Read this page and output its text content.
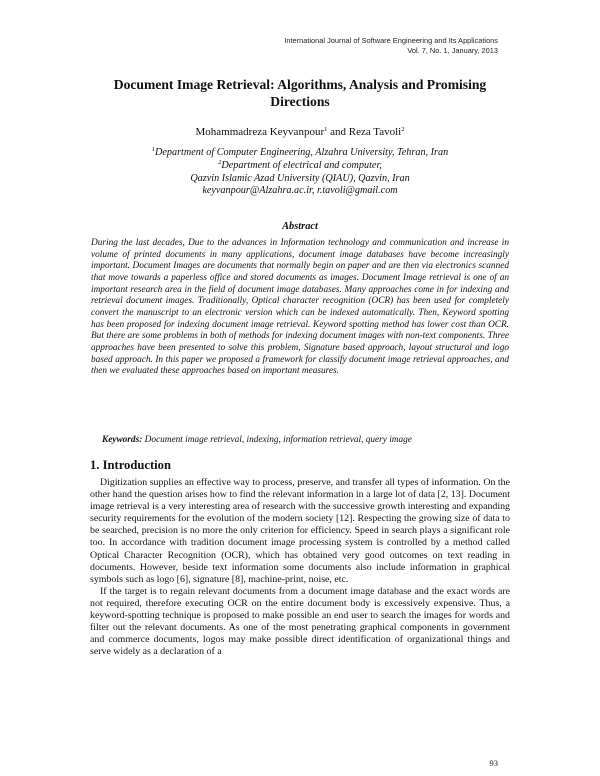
International Journal of Software Engineering and Its Applications
Vol. 7, No. 1, January, 2013
Document Image Retrieval: Algorithms, Analysis and Promising
Directions
Mohammadreza Keyvanpour$^1$ and Reza Tavoli$^2$
$^1$Department of Computer Engineering, Alzahra University, Tehran, Iran
$^2$Department of electrical and computer,
Qazvin Islamic Azad University (QIAU), Qazvin, Iran
keyvanpour@Alzahra.ac.ir, r.tavoli@gmail.com
Abstract
During the last decades, Due to the advances in Information technology and communication and increase in volume of printed documents in many applications, document image databases have become increasingly important. Document Images are documents that normally begin on paper and are then via electronics scanned that move towards a paperless office and stored documents as images. Document Image retrieval is one of an important research area in the field of document image databases. Many approaches come in for indexing and retrieval document images. Traditionally, Optical character recognition (OCR) has been used for completely convert the manuscript to an electronic version which can be indexed automatically. Then, Keyword spotting has been proposed for indexing document image retrieval. Keyword spotting method has lower cost than OCR. But there are some problems in both of methods for indexing document images with non-text components. Three approaches have been presented to solve this problem, Signature based approach, layout structural and logo based approach. In this paper we proposed a framework for classify document image retrieval approaches, and then we evaluated these approaches based on important measures.
Keywords: Document image retrieval, indexing, information retrieval, query image
1. Introduction

Digitization supplies an effective way to process, preserve, and transfer all types of information. On the other hand the question arises how to find the relevant information in a large lot of data [2, 13]. Document image retrieval is a very interesting area of research with the successive growth interesting and expanding security requirements for the evolution of the modern society [12]. Respecting the growing size of data to be searched, precision is no more the only criterion for efficiency. Speed in search plays a significant role too. In accordance with tradition document image processing system is controlled by a method called Optical Character Recognition (OCR), which has obtained very good outcomes on text reading in documents. However, beside text information some documents also include information in graphical symbols such as logo [6], signature [8], machine-print, noise, etc.

If the target is to regain relevant documents from a document image database and the exact words are not required, therefore executing OCR on the entire document body is excessively expensive. Thus, a keyword-spotting technique is proposed to make possible an end user to search the images for words and filter out the relevant documents. As one of the most penetrating graphical components in government and commerce documents, logos may make possible direct identification of organizational things and serve widely as a declaration of a

93
